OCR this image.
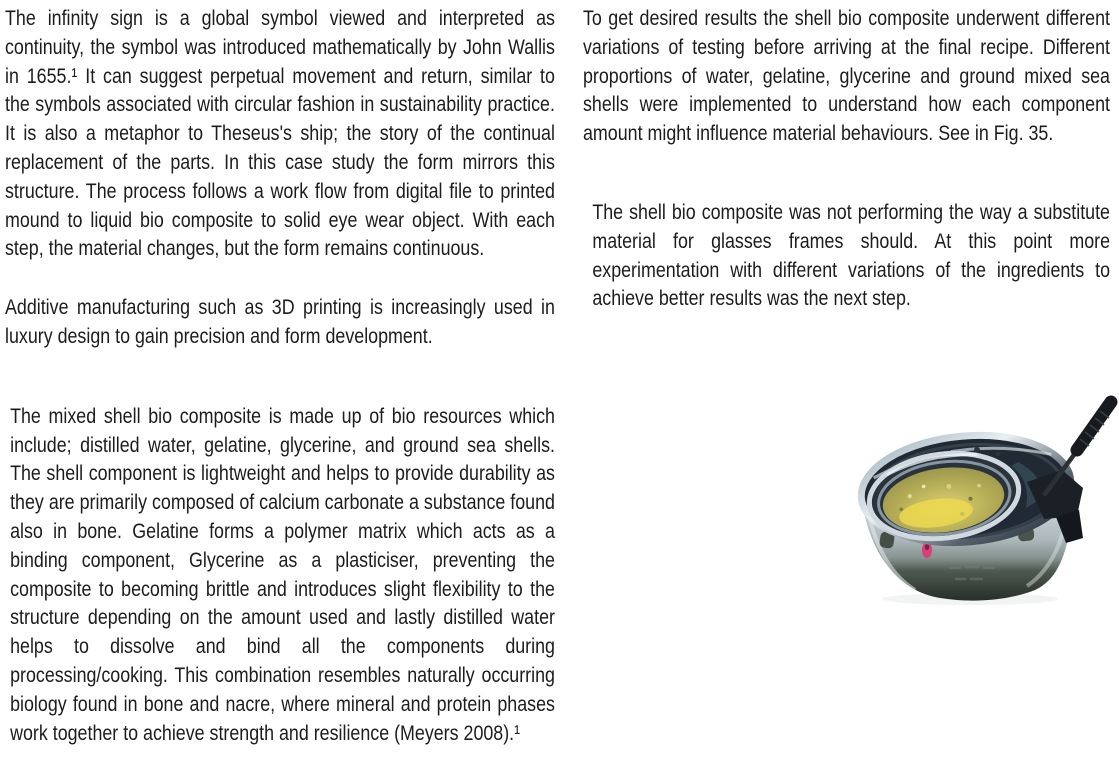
The infinity sign is a global symbol viewed and interpreted as continuity, the symbol was introduced mathematically by John Wallis in 1655.¹ It can suggest perpetual movement and return, similar to the symbols associated with circular fashion in sustainability practice. It is also a metaphor to Theseus's ship; the story of the continual replacement of the parts. In this case study the form mirrors this structure. The process follows a work flow from digital file to printed mound to liquid bio composite to solid eye wear object. With each step, the material changes, but the form remains continuous.

Additive manufacturing such as 3D printing is increasingly used in luxury design to gain precision and form development.

The mixed shell bio composite is made up of bio resources which include; distilled water, gelatine, glycerine, and ground sea shells. The shell component is lightweight and helps to provide durability as they are primarily composed of calcium carbonate a substance found also in bone. Gelatine forms a polymer matrix which acts as a binding component, Glycerine as a plasticiser, preventing the composite to becoming brittle and introduces slight flexibility to the structure depending on the amount used and lastly distilled water helps to dissolve and bind all the components during processing/cooking. This combination resembles naturally occurring biology found in bone and nacre, where mineral and protein phases work together to achieve strength and resilience (Meyers 2008).¹

To get desired results the shell bio composite underwent different variations of testing before arriving at the final recipe. Different proportions of water, gelatine, glycerine and ground mixed sea shells were implemented to understand how each component amount might influence material behaviours. See in Fig. 35.

The shell bio composite was not performing the way a substitute material for glasses frames should. At this point more experimentation with different variations of the ingredients to achieve better results was the next step.
